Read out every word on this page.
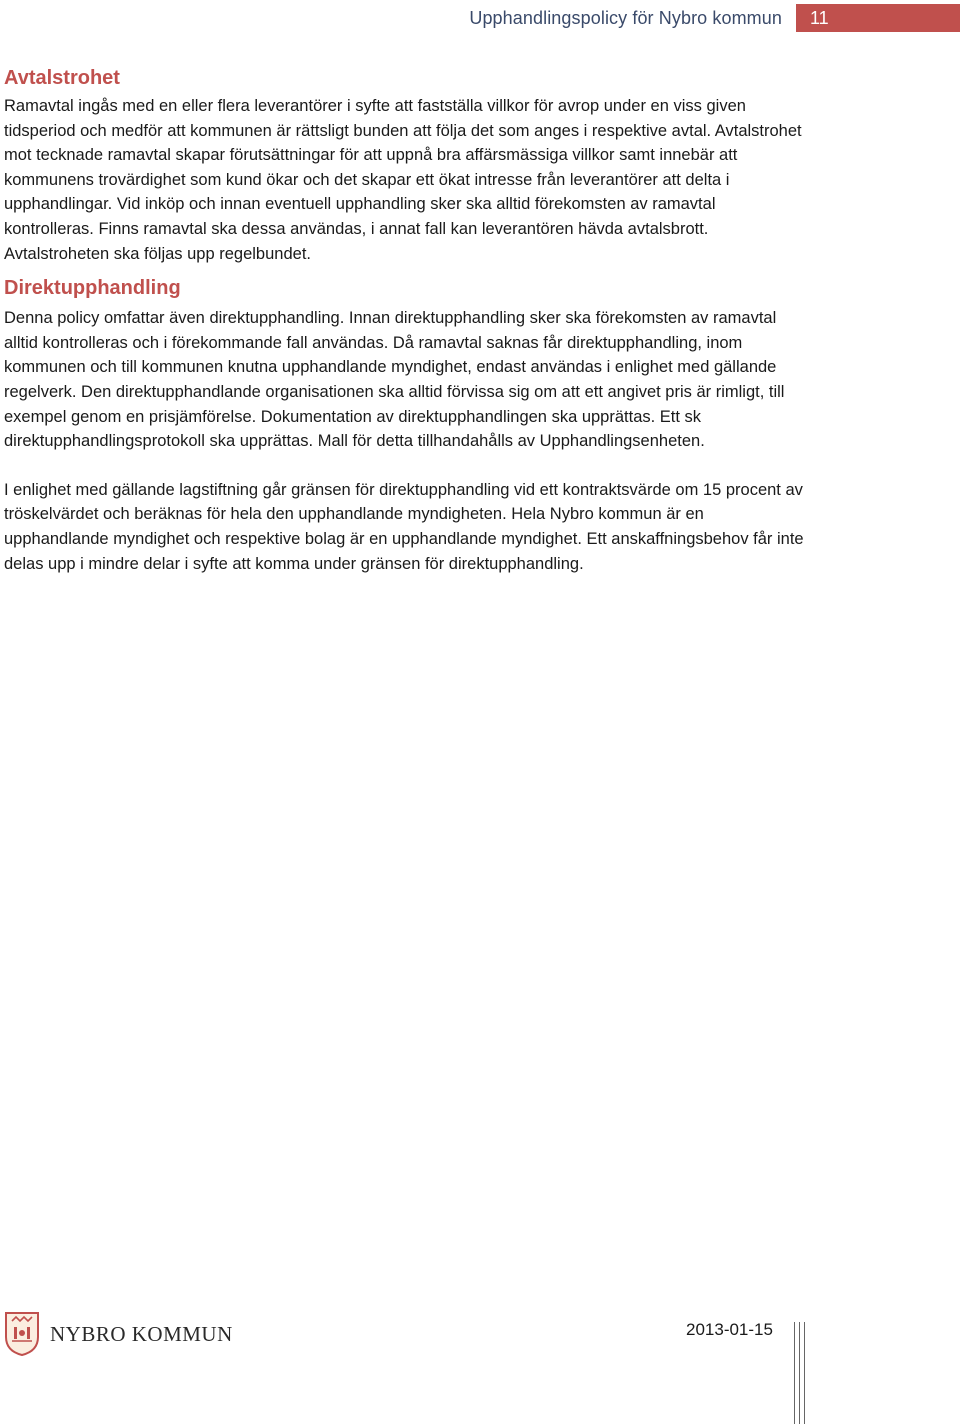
Upphandlingspolicy för Nybro kommun	11
Avtalstrohet

Ramavtal ingås med en eller flera leverantörer i syfte att fastställa villkor för avrop under en viss given tidsperiod och medför att kommunen är rättsligt bunden att följa det som anges i respektive avtal. Avtalstrohet mot tecknade ramavtal skapar förutsättningar för att uppnå bra affärsmässiga villkor samt innebär att kommunens trovärdighet som kund ökar och det skapar ett ökat intresse från leverantörer att delta i upphandlingar. Vid inköp och innan eventuell upphandling sker ska alltid förekomsten av ramavtal kontrolleras. Finns ramavtal ska dessa användas, i annat fall kan leverantören hävda avtalsbrott. Avtalstroheten ska följas upp regelbundet.

Direktupphandling

Denna policy omfattar även direktupphandling. Innan direktupphandling sker ska förekomsten av ramavtal alltid kontrolleras och i förekommande fall användas. Då ramavtal saknas får direktupphandling, inom kommunen och till kommunen knutna upphandlande myndighet, endast användas i enlighet med gällande regelverk. Den direktupphandlande organisationen ska alltid förvissa sig om att ett angivet pris är rimligt, till exempel genom en prisjämförelse. Dokumentation av direktupphandlingen ska upprättas. Ett sk direktupphandlingsprotokoll ska upprättas. Mall för detta tillhandahålls av Upphandlingsenheten.

I enlighet med gällande lagstiftning går gränsen för direktupphandling vid ett kontraktsvärde om 15 procent av tröskelvärdet och beräknas för hela den upphandlande myndigheten. Hela Nybro kommun är en upphandlande myndighet och respektive bolag är en upphandlande myndighet. Ett anskaffningsbehov får inte delas upp i mindre delar i syfte att komma under gränsen för direktupphandling.

NYBRO KOMMUN	2013-01-15
